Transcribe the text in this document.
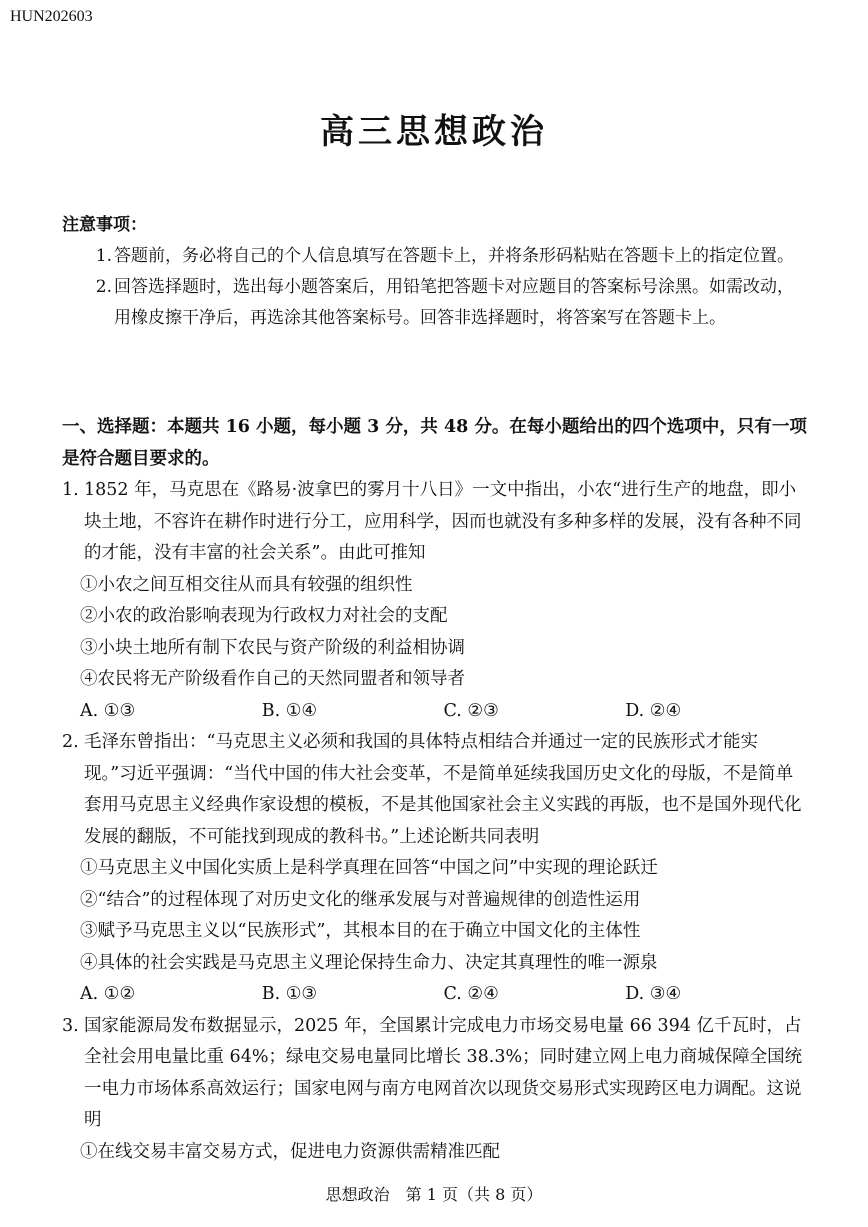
HUN202603
高三思想政治
注意事项：
1. 答题前，务必将自己的个人信息填写在答题卡上，并将条形码粘贴在答题卡上的指定位置。
2. 回答选择题时，选出每小题答案后，用铅笔把答题卡对应题目的答案标号涂黑。如需改动，用橡皮擦干净后，再选涂其他答案标号。回答非选择题时，将答案写在答题卡上。
一、选择题：本题共 16 小题，每小题 3 分，共 48 分。在每小题给出的四个选项中，只有一项是符合题目要求的。
1. 1852 年，马克思在《路易·波拿巴的雾月十八日》一文中指出，小农“进行生产的地盘，即小块土地，不容许在耕作时进行分工，应用科学，因而也就没有多种多样的发展，没有各种不同的才能，没有丰富的社会关系”。由此可推知
①小农之间互相交往从而具有较强的组织性
②小农的政治影响表现为行政权力对社会的支配
③小块土地所有制下农民与资产阶级的利益相协调
④农民将无产阶级看作自己的天然同盟者和领导者
A. ①③	B. ①④	C. ②③	D. ②④
2. 毛泽东曾指出：“马克思主义必须和我国的具体特点相结合并通过一定的民族形式才能实现。”习近平强调：“当代中国的伟大社会变革，不是简单延续我国历史文化的母版，不是简单套用马克思主义经典作家设想的模板，不是其他国家社会主义实践的再版，也不是国外现代化发展的翻版，不可能找到现成的教科书。”上述论断共同表明
①马克思主义中国化实质上是科学真理在回答“中国之问”中实现的理论跃迁
②“结合”的过程体现了对历史文化的继承发展与对普遍规律的创造性运用
③赋予马克思主义以“民族形式”，其根本目的在于确立中国文化的主体性
④具体的社会实践是马克思主义理论保持生命力、决定其真理性的唯一源泉
A. ①②	B. ①③	C. ②④	D. ③④
3. 国家能源局发布数据显示，2025 年，全国累计完成电力市场交易电量 66 394 亿千瓦时，占全社会用电量比重 64%；绿电交易电量同比增长 38.3%；同时建立网上电力商城保障全国统一电力市场体系高效运行；国家电网与南方电网首次以现货交易形式实现跨区电力调配。这说明
①在线交易丰富交易方式，促进电力资源供需精准匹配
思想政治　第 1 页（共 8 页）
